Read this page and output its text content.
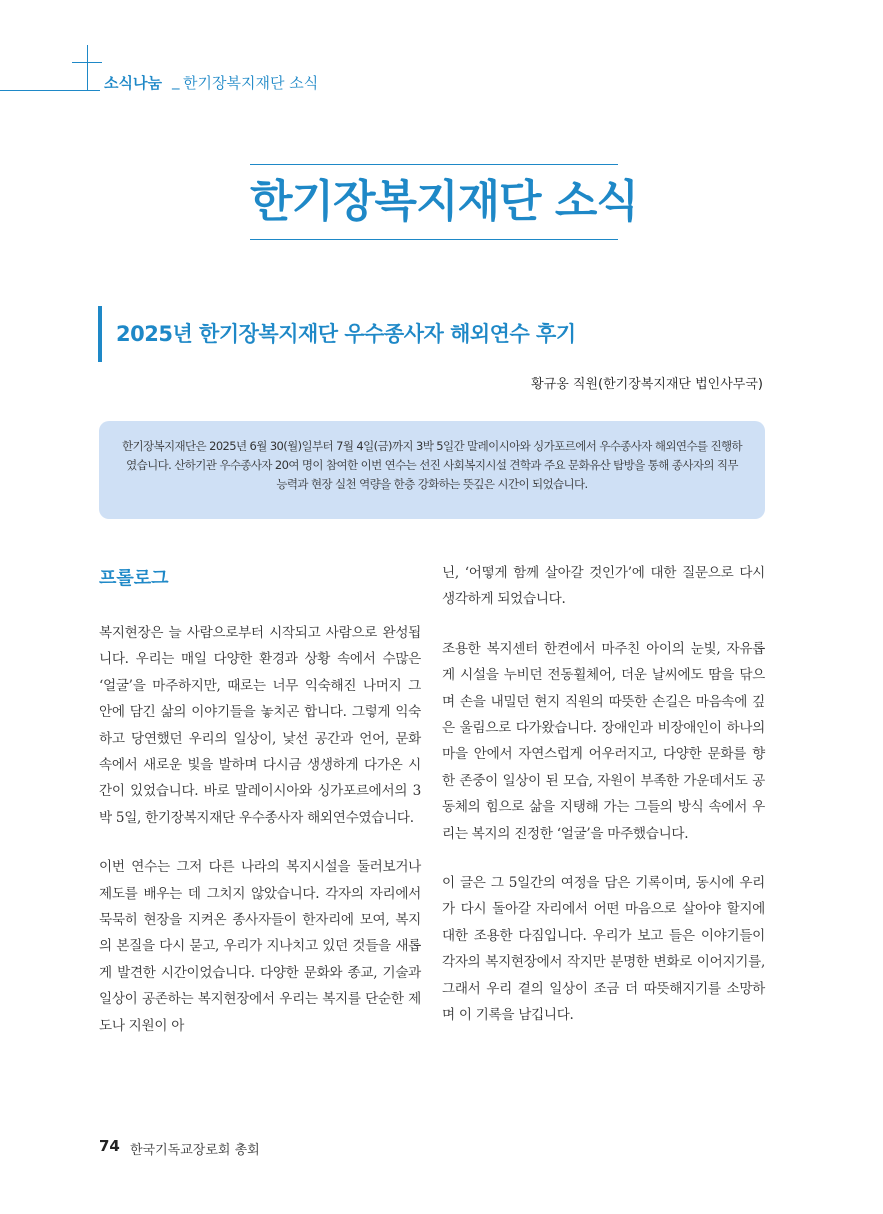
소식나눔 _ 한기장복지재단 소식
한기장복지재단 소식
2025년 한기장복지재단 우수종사자 해외연수 후기
황규옹 직원(한기장복지재단 법인사무국)

한기장복지재단은 2025년 6월 30(월)일부터 7월 4일(금)까지 3박 5일간 말레이시아와 싱가포르에서 우수종사자 해외연수를 진행하였습니다. 산하기관 우수종사자 20여 명이 참여한 이번 연수는 선진 사회복지시설 견학과 주요 문화유산 탐방을 통해 종사자의 직무 능력과 현장 실천 역량을 한층 강화하는 뜻깊은 시간이 되었습니다.

프롤로그

복지현장은 늘 사람으로부터 시작되고 사람으로 완성됩니다. 우리는 매일 다양한 환경과 상황 속에서 수많은 ‘얼굴’을 마주하지만, 때로는 너무 익숙해진 나머지 그 안에 담긴 삶의 이야기들을 놓치곤 합니다. 그렇게 익숙하고 당연했던 우리의 일상이, 낯선 공간과 언어, 문화 속에서 새로운 빛을 발하며 다시금 생생하게 다가온 시간이 있었습니다. 바로 말레이시아와 싱가포르에서의 3박 5일, 한기장복지재단 우수종사자 해외연수였습니다.

이번 연수는 그저 다른 나라의 복지시설을 둘러보거나 제도를 배우는 데 그치지 않았습니다. 각자의 자리에서 묵묵히 현장을 지켜온 종사자들이 한자리에 모여, 복지의 본질을 다시 묻고, 우리가 지나치고 있던 것들을 새롭게 발견한 시간이었습니다. 다양한 문화와 종교, 기술과 일상이 공존하는 복지현장에서 우리는 복지를 단순한 제도나 지원이 아

닌, ‘어떻게 함께 살아갈 것인가’에 대한 질문으로 다시 생각하게 되었습니다.

조용한 복지센터 한켠에서 마주친 아이의 눈빛, 자유롭게 시설을 누비던 전동휠체어, 더운 날씨에도 땀을 닦으며 손을 내밀던 현지 직원의 따뜻한 손길은 마음속에 깊은 울림으로 다가왔습니다. 장애인과 비장애인이 하나의 마을 안에서 자연스럽게 어우러지고, 다양한 문화를 향한 존중이 일상이 된 모습, 자원이 부족한 가운데서도 공동체의 힘으로 삶을 지탱해 가는 그들의 방식 속에서 우리는 복지의 진정한 ‘얼굴’을 마주했습니다.

이 글은 그 5일간의 여정을 담은 기록이며, 동시에 우리가 다시 돌아갈 자리에서 어떤 마음으로 살아야 할지에 대한 조용한 다짐입니다. 우리가 보고 들은 이야기들이 각자의 복지현장에서 작지만 분명한 변화로 이어지기를, 그래서 우리 곁의 일상이 조금 더 따뜻해지기를 소망하며 이 기록을 남깁니다.

74 한국기독교장로회 총회
